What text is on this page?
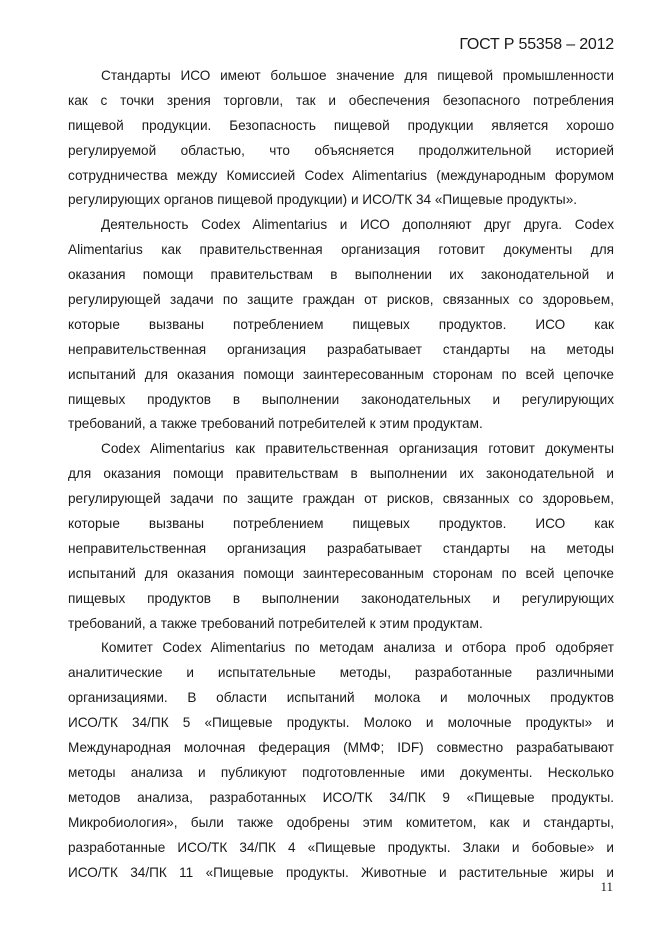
ГОСТ Р 55358 – 2012
Стандарты ИСО имеют большое значение для пищевой промышленности
как с точки зрения торговли, так и обеспечения безопасного потребления
пищевой продукции. Безопасность пищевой продукции является хорошо
регулируемой областью, что объясняется продолжительной историей
сотрудничества между Комиссией Codex Alimentarius (международным форумом
регулирующих органов пищевой продукции) и ИСО/ТК 34 «Пищевые продукты».
Деятельность Codex Alimentarius и ИСО дополняют друг друга. Codex
Alimentarius как правительственная организация готовит документы для
оказания помощи правительствам в выполнении их законодательной и
регулирующей задачи по защите граждан от рисков, связанных со здоровьем,
которые вызваны потреблением пищевых продуктов. ИСО как
неправительственная организация разрабатывает стандарты на методы
испытаний для оказания помощи заинтересованным сторонам по всей цепочке
пищевых продуктов в выполнении законодательных и регулирующих
требований, а также требований потребителей к этим продуктам.
Codex Alimentarius как правительственная организация готовит документы
для оказания помощи правительствам в выполнении их законодательной и
регулирующей задачи по защите граждан от рисков, связанных со здоровьем,
которые вызваны потреблением пищевых продуктов. ИСО как
неправительственная организация разрабатывает стандарты на методы
испытаний для оказания помощи заинтересованным сторонам по всей цепочке
пищевых продуктов в выполнении законодательных и регулирующих
требований, а также требований потребителей к этим продуктам.
Комитет Codex Alimentarius по методам анализа и отбора проб одобряет
аналитические и испытательные методы, разработанные различными
организациями. В области испытаний молока и молочных продуктов
ИСО/ТК 34/ПК 5 «Пищевые продукты. Молоко и молочные продукты» и
Международная молочная федерация (ММФ; IDF) совместно разрабатывают
методы анализа и публикуют подготовленные ими документы. Несколько
методов анализа, разработанных ИСО/ТК 34/ПК 9 «Пищевые продукты.
Микробиология», были также одобрены этим комитетом, как и стандарты,
разработанные ИСО/ТК 34/ПК 4 «Пищевые продукты. Злаки и бобовые» и
ИСО/ТК 34/ПК 11 «Пищевые продукты. Животные и растительные жиры и
11
